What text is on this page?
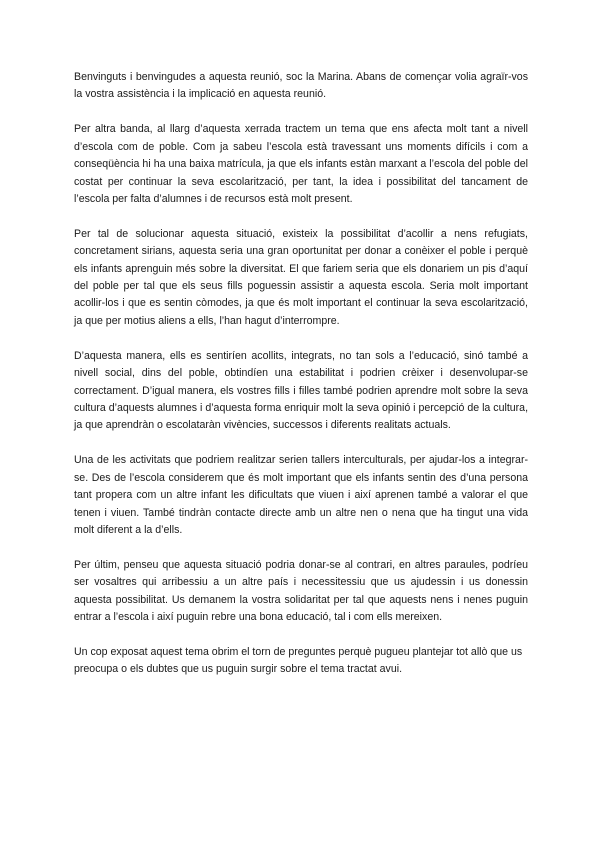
Benvinguts i benvingudes a aquesta reunió, soc la Marina. Abans de començar volia agraïr-vos la vostra assistència i la implicació en aquesta reunió.

Per altra banda, al llarg d’aquesta xerrada tractem un tema que ens afecta molt tant a nivell d’escola com de poble. Com ja sabeu l’escola està travessant uns moments difícils i com a conseqüència hi ha una baixa matrícula, ja que els infants estàn marxant a l’escola del poble del costat per continuar la seva escolarització, per tant, la idea i possibilitat del tancament de l’escola per falta d’alumnes i de recursos està molt present.

Per tal de solucionar aquesta situació, existeix la possibilitat d’acollir a nens refugiats, concretament sirians, aquesta seria una gran oportunitat per donar a conèixer el poble i perquè els infants aprenguin més sobre la diversitat. El que fariem seria que els donariem un pis d’aquí del poble per tal que els seus fills poguessin assistir a aquesta escola. Seria molt important acollir-los i que es sentin còmodes, ja que és molt important el continuar la seva escolarització, ja que per motius aliens a ells, l’han hagut d’interrompre.

D’aquesta manera, ells es sentiríen acollits, integrats, no tan sols a l’educació, sinó també a nivell social, dins del poble, obtindíen una estabilitat i podrien crèixer i desenvolupar-se correctament. D’igual manera, els vostres fills i filles també podrien aprendre molt sobre la seva cultura d’aquests alumnes i d’aquesta forma enriquir molt la seva opinió i percepció de la cultura, ja que aprendràn o escolataràn vivències, successos i diferents realitats actuals.

Una de les activitats que podriem realitzar serien tallers interculturals, per ajudar-los a integrar-se. Des de l’escola considerem que és molt important que els infants sentin des d’una persona tant propera com un altre infant les dificultats que viuen i així aprenen també a valorar el que tenen i viuen. També tindràn contacte directe amb un altre nen o nena que ha tingut una vida molt diferent a la d’ells.

Per últim, penseu que aquesta situació podria donar-se al contrari, en altres paraules, podríeu ser vosaltres qui arribessiu a un altre país i necessitessiu que us ajudessin i us donessin aquesta possibilitat. Us demanem la vostra solidaritat per tal que aquests nens i nenes puguin entrar a l’escola i així puguin rebre una bona educació, tal i com ells mereixen.

Un cop exposat aquest tema obrim el torn de preguntes perquè pugueu plantejar tot allò que us preocupa o els dubtes que us puguin surgir sobre el tema tractat avui.
